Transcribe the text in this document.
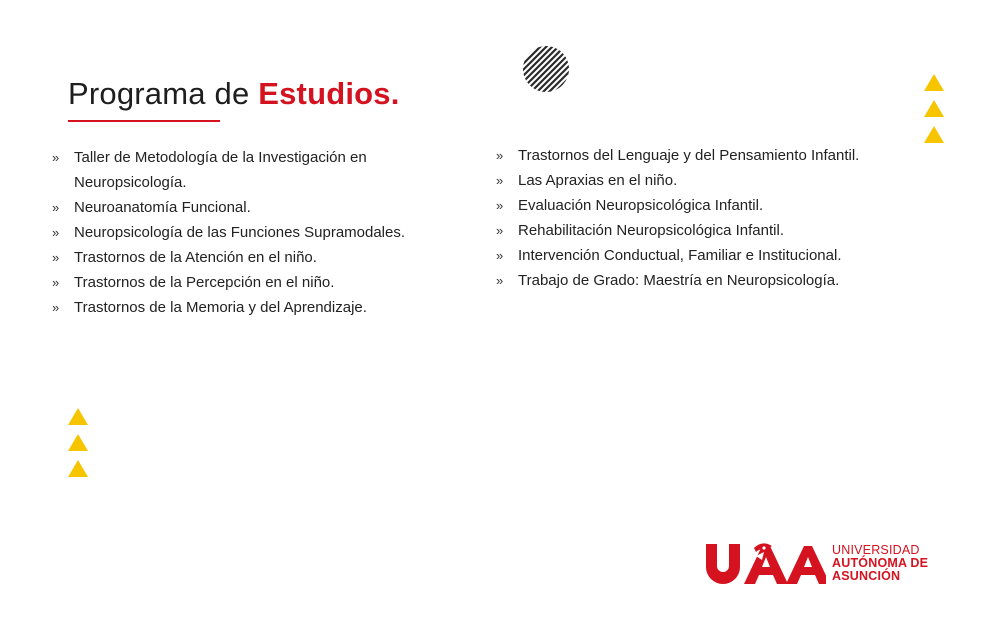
Programa de Estudios.
» Taller de Metodología de la Investigación en
Neuropsicología.
» Neuroanatomía Funcional.
» Neuropsicología de las Funciones Supramodales.
» Trastornos de la Atención en el niño.
» Trastornos de la Percepción en el niño.
» Trastornos de la Memoria y del Aprendizaje.
» Trastornos del Lenguaje y del Pensamiento Infantil.
» Las Apraxias en el niño.
» Evaluación Neuropsicológica Infantil.
» Rehabilitación Neuropsicológica Infantil.
» Intervención Conductual, Familiar e Institucional.
» Trabajo de Grado: Maestría en Neuropsicología.
UNIVERSIDAD
AUTÓNOMA DE
ASUNCIÓN
